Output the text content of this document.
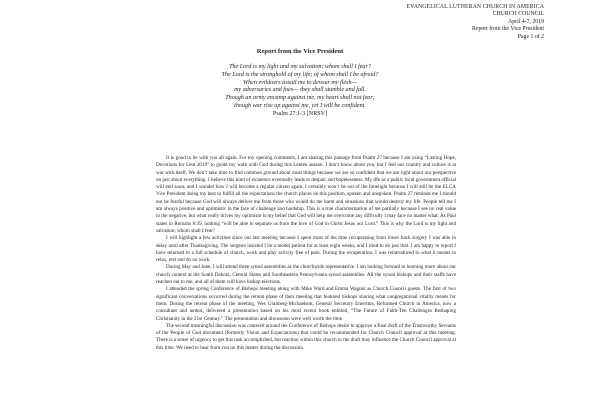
EVANGELICAL LUTHERAN CHURCH IN AMERICA
CHURCH COUNCIL
April 4-7, 2019
Report from the Vice President
Page 1 of 2
Report from the Vice President
The Lord is my light and my salvation; whom shall I fear?
The Lord is the stronghold of my life; of whom shall I be afraid?
When evildoers assail me to devour my flesh—
my adversaries and foes— they shall stumble and fall.
Though an army encamp against me, my heart shall not fear;
though war rise up against me, yet I will be confident.
Psalm 27:1-3 [NRSV]

It is good to be with you all again. For my opening comments, I am sharing this passage from Psalm 27 because I am using “Lasting Hope, Devotions for Lent 2019” to guide my walk with God during this Lenten season. I don’t know about you, but I feel our country and culture is at war with itself. We don’t take time to find common ground about most things because we are so confident that we are right about our perspective on just about everything. I believe this kind of existence eventually leads to despair and hopelessness. My life as a public local government official will end soon, and I wonder how I will become a regular citizen again. I certainly won’t be out of the limelight because I will still be the ELCA Vice President doing my best to fulfill all the expectations the church places on this position, spoken and unspoken. Psalm 27 reminds me I should not be fearful because God will always deliver me from those who would do me harm and situations that would destroy my life. People tell me I am always positive and optimistic in the face of challenge and hardship. This is a true characterization of me partially because I see no real value in the negative, but what really drives my optimism is my belief that God will help me overcome any difficulty I may face no matter what. As Paul states in Romans 8:39, nothing “will be able to separate us from the love of God in Christ Jesus our Lord.” This is why the Lord is my light and salvation; whom shall I fear?

I will highlight a few activities since our last meeting because I spent most of the time recuperating from lower back surgery I was able to delay until after Thanksgiving. The surgeon insisted I be a model patient for at least eight weeks, and I tried to do just that. I am happy to report I have returned to a full schedule of church, work and play activity free of pain. During the recuperation, I was reintroduced to what it means to relax, rest and do no work.

During May and June, I will attend three synod assemblies as the churchwide representative. I am looking forward to learning more about our church context at the South Dakota, Central States and Southeastern Pennsylvania synod assemblies. All the synod bishops and their staffs have reached out to me, and all of them will have bishop elections.

I attended the spring Conference of Bishops meeting along with Mike Ward and Emma Wagner as Church Council guests. The first of two significant conversations occurred during the retreat phase of their meeting that featured bishops sharing what congregational vitality means for them. During the retreat phase of the meeting, Wes Granberg-Michaelson, General Secretary Emeritus, Reformed Church in America, now a consultant and author, delivered a presentation based on his most recent book entitled, “The Future of Faith-Ten Challenges Reshaping Christianity in the 21st Century.” The presentation and discussion were well worth the time.

The second meaningful discussion was centered around the Conference of Bishops desire to approve a final draft of the Trustworthy Servants of the People of God document (formerly Vision and Expectations) that could be recommended for Church Council approval at this meeting. There is a sense of urgency to get this task accomplished, but reaction within this church to the draft may influence the Church Council approval at this time. We need to hear from you on this matter during the discussion.
